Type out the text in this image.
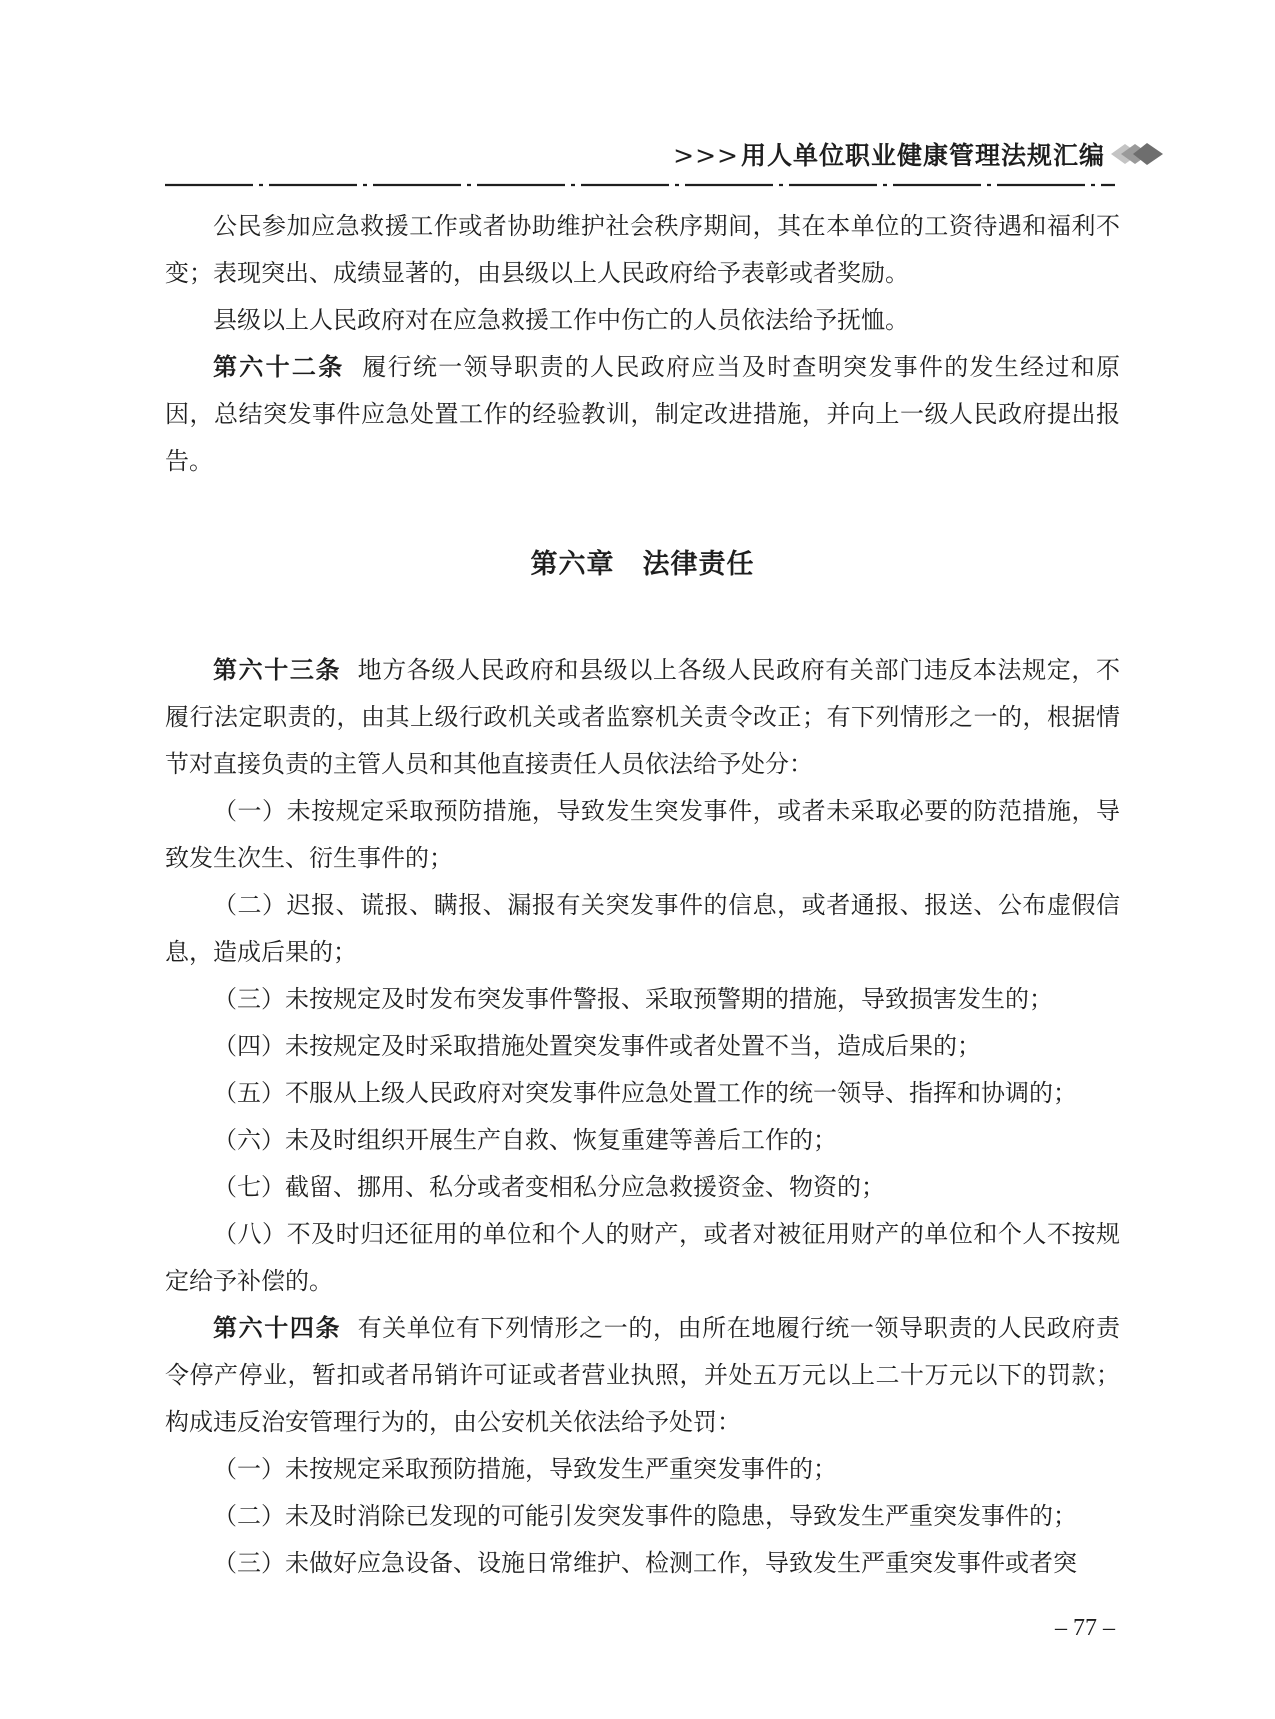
>>>用人单位职业健康管理法规汇编

公民参加应急救援工作或者协助维护社会秩序期间，其在本单位的工资待遇和福利不变；表现突出、成绩显著的，由县级以上人民政府给予表彰或者奖励。

县级以上人民政府对在应急救援工作中伤亡的人员依法给予抚恤。

第六十二条 履行统一领导职责的人民政府应当及时查明突发事件的发生经过和原因，总结突发事件应急处置工作的经验教训，制定改进措施，并向上一级人民政府提出报告。

第六章　法律责任

第六十三条 地方各级人民政府和县级以上各级人民政府有关部门违反本法规定，不履行法定职责的，由其上级行政机关或者监察机关责令改正；有下列情形之一的，根据情节对直接负责的主管人员和其他直接责任人员依法给予处分：

（一）未按规定采取预防措施，导致发生突发事件，或者未采取必要的防范措施，导致发生次生、衍生事件的；

（二）迟报、谎报、瞒报、漏报有关突发事件的信息，或者通报、报送、公布虚假信息，造成后果的；

（三）未按规定及时发布突发事件警报、采取预警期的措施，导致损害发生的；

（四）未按规定及时采取措施处置突发事件或者处置不当，造成后果的；

（五）不服从上级人民政府对突发事件应急处置工作的统一领导、指挥和协调的；

（六）未及时组织开展生产自救、恢复重建等善后工作的；

（七）截留、挪用、私分或者变相私分应急救援资金、物资的；

（八）不及时归还征用的单位和个人的财产，或者对被征用财产的单位和个人不按规定给予补偿的。

第六十四条 有关单位有下列情形之一的，由所在地履行统一领导职责的人民政府责令停产停业，暂扣或者吊销许可证或者营业执照，并处五万元以上二十万元以下的罚款；构成违反治安管理行为的，由公安机关依法给予处罚：

（一）未按规定采取预防措施，导致发生严重突发事件的；

（二）未及时消除已发现的可能引发突发事件的隐患，导致发生严重突发事件的；

（三）未做好应急设备、设施日常维护、检测工作，导致发生严重突发事件或者突

– 77 –
